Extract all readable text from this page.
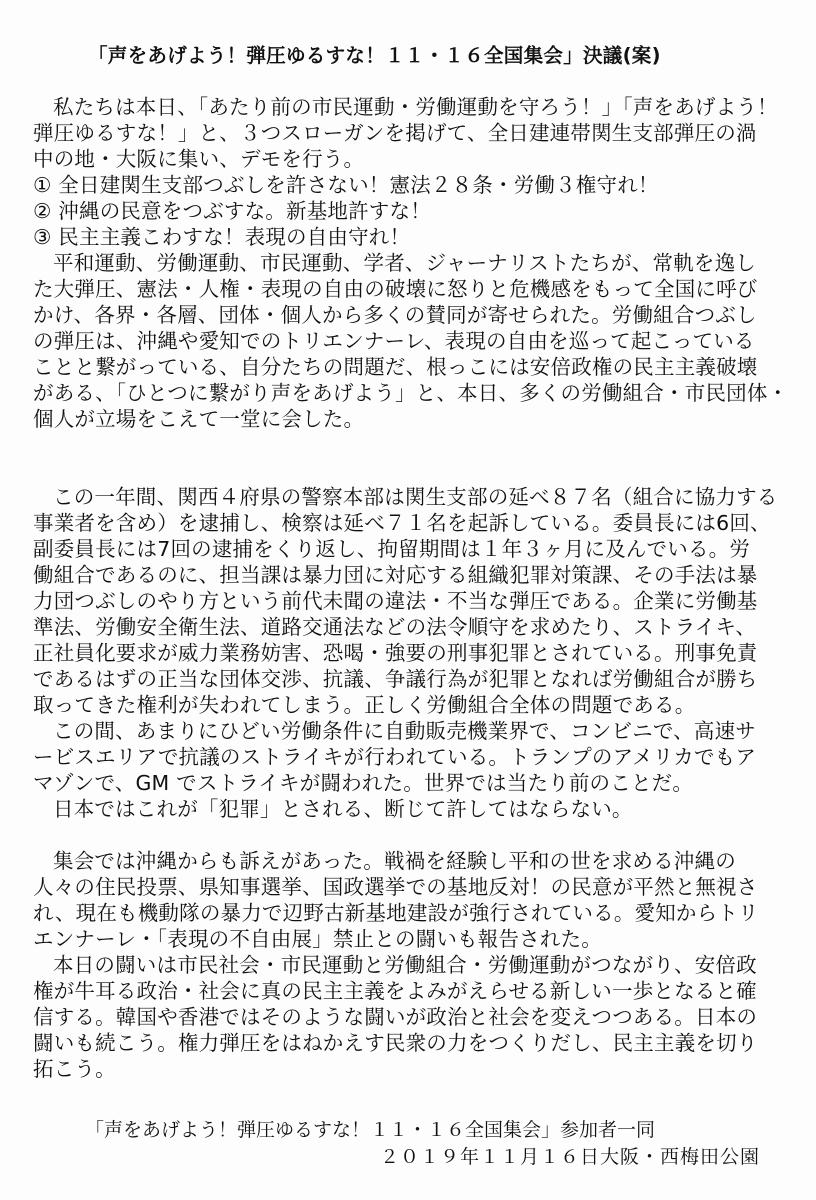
「声をあげよう！弾圧ゆるすな！１１・１６全国集会」決議(案)
私たちは本日、「あたり前の市民運動・労働運動を守ろう！」「声をあげよう！
弾圧ゆるすな！」と、３つスローガンを掲げて、全日建連帯関生支部弾圧の渦
中の地・大阪に集い、デモを行う。
① 全日建関生支部つぶしを許さない！憲法２８条・労働３権守れ！
② 沖縄の民意をつぶすな。新基地許すな！
③ 民主主義こわすな！表現の自由守れ！
平和運動、労働運動、市民運動、学者、ジャーナリストたちが、常軌を逸し
た大弾圧、憲法・人権・表現の自由の破壊に怒りと危機感をもって全国に呼び
かけ、各界・各層、団体・個人から多くの賛同が寄せられた。労働組合つぶし
の弾圧は、沖縄や愛知でのトリエンナーレ、表現の自由を巡って起こっている
ことと繋がっている、自分たちの問題だ、根っこには安倍政権の民主主義破壊
がある、「ひとつに繋がり声をあげよう」と、本日、多くの労働組合・市民団体・
個人が立場をこえて一堂に会した。
この一年間、関西４府県の警察本部は関生支部の延べ８７名（組合に協力する
事業者を含め）を逮捕し、検察は延べ７１名を起訴している。委員長には6回、
副委員長には7回の逮捕をくり返し、拘留期間は１年３ヶ月に及んでいる。労
働組合であるのに、担当課は暴力団に対応する組織犯罪対策課、その手法は暴
力団つぶしのやり方という前代未聞の違法・不当な弾圧である。企業に労働基
準法、労働安全衛生法、道路交通法などの法令順守を求めたり、ストライキ、
正社員化要求が威力業務妨害、恐喝・強要の刑事犯罪とされている。刑事免責
であるはずの正当な団体交渉、抗議、争議行為が犯罪となれば労働組合が勝ち
取ってきた権利が失われてしまう。正しく労働組合全体の問題である。
この間、あまりにひどい労働条件に自動販売機業界で、コンビニで、高速サ
ービスエリアで抗議のストライキが行われている。トランプのアメリカでもア
マゾンで、GM でストライキが闘われた。世界では当たり前のことだ。
日本ではこれが「犯罪」とされる、断じて許してはならない。
集会では沖縄からも訴えがあった。戦禍を経験し平和の世を求める沖縄の
人々の住民投票、県知事選挙、国政選挙での基地反対！の民意が平然と無視さ
れ、現在も機動隊の暴力で辺野古新基地建設が強行されている。愛知からトリ
エンナーレ・「表現の不自由展」禁止との闘いも報告された。
本日の闘いは市民社会・市民運動と労働組合・労働運動がつながり、安倍政
権が牛耳る政治・社会に真の民主主義をよみがえらせる新しい一歩となると確
信する。韓国や香港ではそのような闘いが政治と社会を変えつつある。日本の
闘いも続こう。権力弾圧をはねかえす民衆の力をつくりだし、民主主義を切り
拓こう。
「声をあげよう！弾圧ゆるすな！１１・１６全国集会」参加者一同
２０１９年１１月１６日大阪・西梅田公園
